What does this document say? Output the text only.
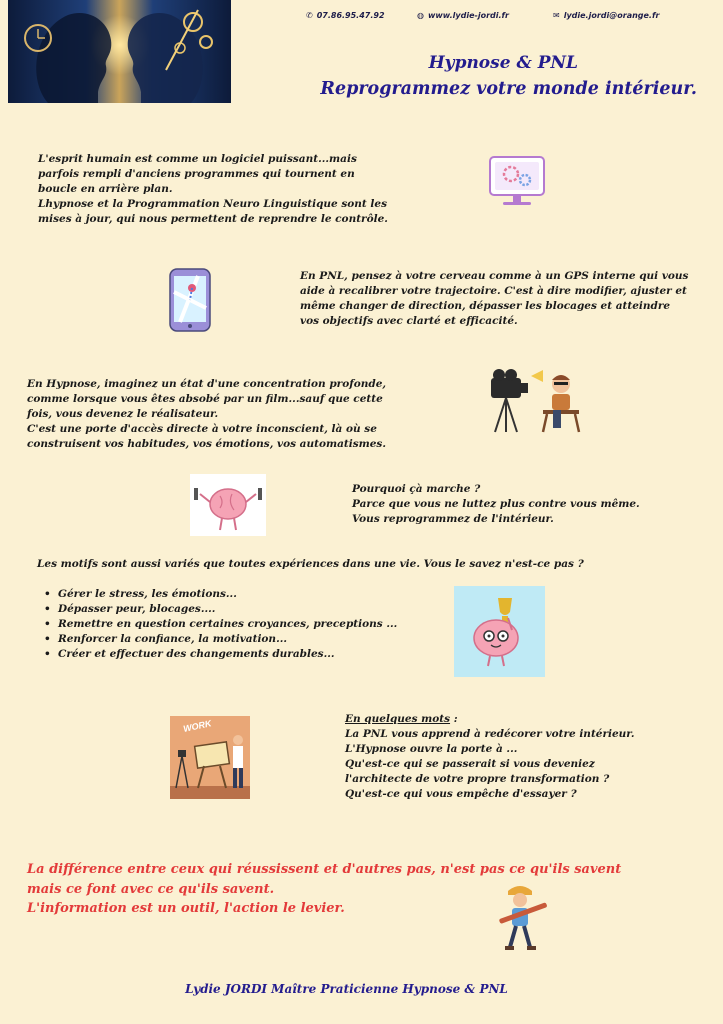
✆ 07.86.95.47.92	◍ www.lydie-jordi.fr	✉ lydie.jordi@orange.fr
Hypnose & PNL
Reprogrammez votre monde intérieur.
L'esprit humain est comme un logiciel puissant...mais
parfois rempli d'anciens programmes qui tournent en
boucle en arrière plan.
Lhypnose et la Programmation Neuro Linguistique sont les
mises à jour, qui nous permettent de reprendre le contrôle.
En PNL, pensez à votre cerveau comme à un GPS interne qui vous
aide à recalibrer votre trajectoire. C'est à dire modifier, ajuster et
même changer de direction, dépasser les blocages et atteindre
vos objectifs avec clarté et efficacité.
En Hypnose, imaginez un état d'une concentration profonde,
comme lorsque vous êtes absobé par un film...sauf que cette
fois, vous devenez le réalisateur.
C'est une porte d'accès directe à votre inconscient, là où se
construisent vos habitudes, vos émotions, vos automatismes.
Pourquoi çà marche ?
Parce que vous ne luttez plus contre vous même.
Vous reprogrammez de l'intérieur.
Les motifs sont aussi variés que toutes expériences dans une vie. Vous le savez n'est-ce pas ?
• Gérer le stress, les émotions...
• Dépasser peur, blocages....
• Remettre en question certaines croyances, preceptions ...
• Renforcer la confiance, la motivation...
• Créer et effectuer des changements durables...
WORK	En quelques mots :
La PNL vous apprend à redécorer votre intérieur.
L'Hypnose ouvre la porte à ...
Qu'est-ce qui se passerait si vous deveniez
l'architecte de votre propre transformation ?
Qu'est-ce qui vous empêche d'essayer ?
La différence entre ceux qui réussissent et d'autres pas, n'est pas ce qu'ils savent
mais ce font avec ce qu'ils savent.
L'information est un outil, l'action le levier.
Lydie JORDI Maître Praticienne Hypnose & PNL
